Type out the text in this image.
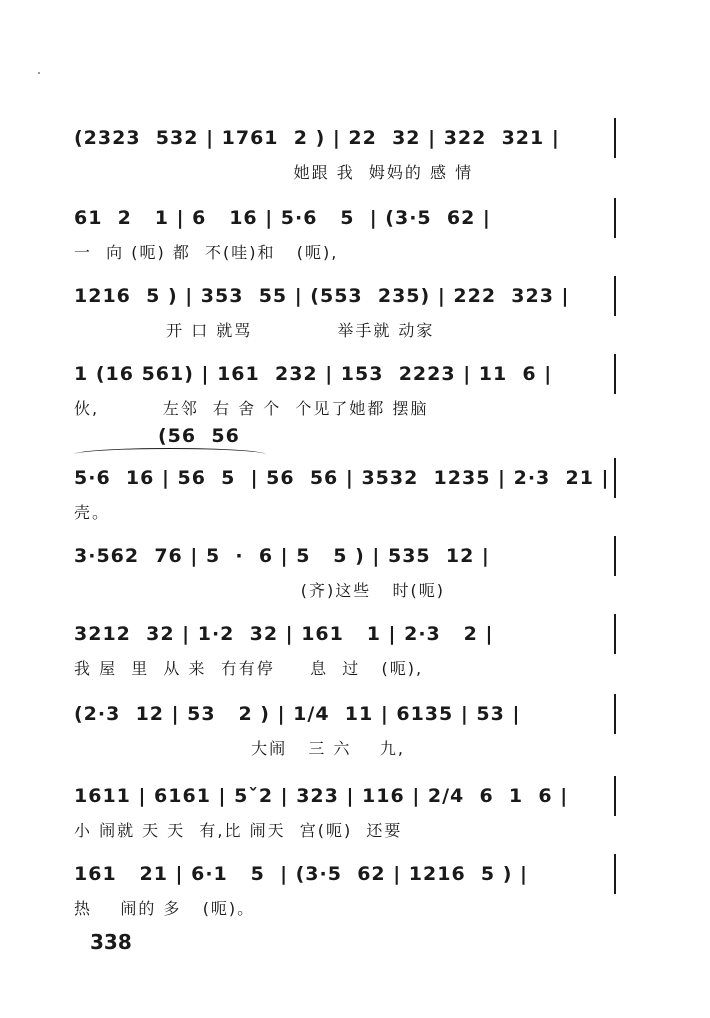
(2323  532 | 1761  2 ) | 22  32 | 322  321 |
她跟 我  姆妈的 感 情
61  2   1 | 6   16 | 5·6   5  | (3·5  62 |
一  向 (呃) 都  不(哇)和   (呃),
1216  5 ) | 353  55 | (553  235) | 222  323 |
开 口 就骂            举手就 动家
1 (16 561) | 161  232 | 153  2223 | 11  6 |
伙,         左邻  右 舍 个  个见了她都 摆脑
(56  56
5·6  16 | 56  5  | 56  56 | 3532  1235 | 2·3  21 |
壳。
3·562  76 | 5  ·  6 | 5   5 ) | 535  12 |
(齐)这些   时(呃)
3212  32 | 1·2  32 | 161   1 | 2·3   2 |
我 屋  里  从 来  冇有停     息  过   (呃),
(2·3  12 | 53   2 ) | 1/4  11 | 6135 | 53 |
大闹   三 六    九,
1611 | 6161 | 5ˇ2 | 323 | 116 | 2/4  6  1  6 |
小 闹就 天 天  有,比 闹天  宫(呃)  还要
161   21 | 6·1   5  | (3·5  62 | 1216  5 ) |
热    闹的 多   (呃)。
338
